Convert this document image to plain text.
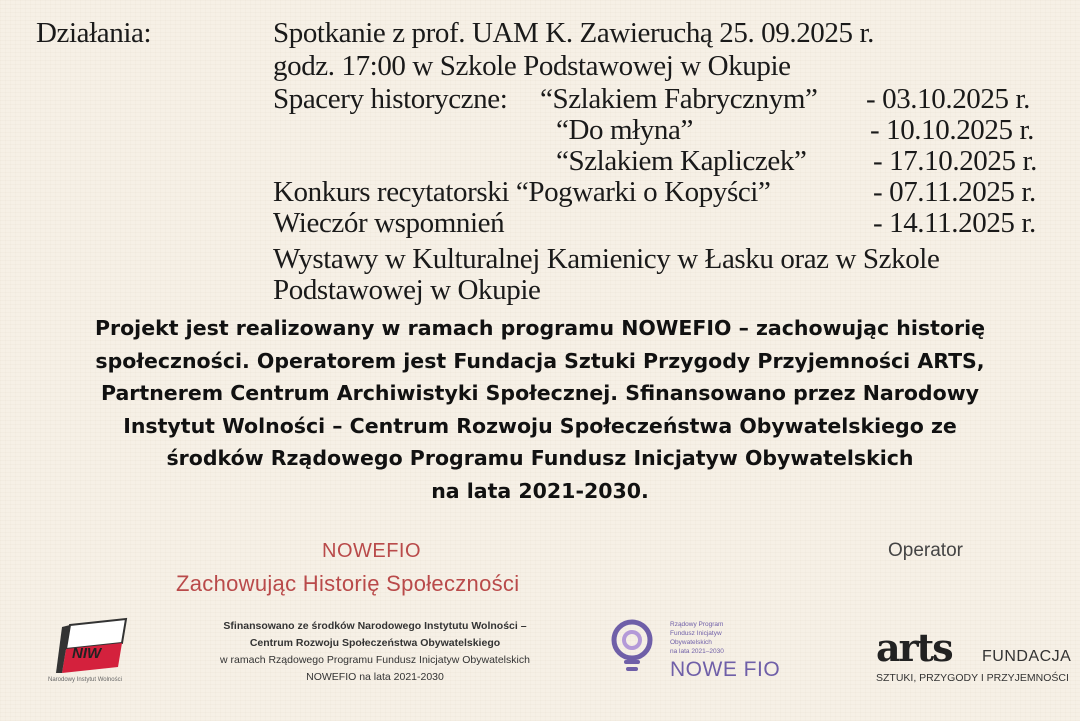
Działania:	Spotkanie z prof. UAM K. Zawieruchą 25. 09.2025 r.
godz. 17:00 w Szkole Podstawowej w Okupie
Spacery historyczne: “Szlakiem Fabrycznym” - 03.10.2025 r.
“Do młyna”	- 10.10.2025 r.
“Szlakiem Kapliczek” - 17.10.2025 r.
Konkurs recytatorski “Pogwarki o Kopyści”	- 07.11.2025 r.
Wieczór wspomnień	- 14.11.2025 r.
Wystawy w Kulturalnej Kamienicy w Łasku oraz w Szkole
Podstawowej w Okupie
Projekt jest realizowany w ramach programu NOWEFIO – zachowując historię
społeczności. Operatorem jest Fundacja Sztuki Przygody Przyjemności ARTS,
Partnerem Centrum Archiwistyki Społecznej. Sfinansowano przez Narodowy
Instytut Wolności – Centrum Rozwoju Społeczeństwa Obywatelskiego ze
środków Rządowego Programu Fundusz Inicjatyw Obywatelskich
na lata 2021-2030.
NOWEFIO
Zachowując Historię Społeczności
Operator
NIW
Narodowy Instytut Wolności
Sfinansowano ze środków Narodowego Instytutu Wolności –
Centrum Rozwoju Społeczeństwa Obywatelskiego
w ramach Rządowego Programu Fundusz Inicjatyw Obywatelskich
NOWEFIO na lata 2021-2030
Rządowy Program
Fundusz Inicjatyw
Obywatelskich
na lata 2021–2030
NOWE FIO	arts FUNDACJA
SZTUKI, PRZYGODY I PRZYJEMNOŚCI
